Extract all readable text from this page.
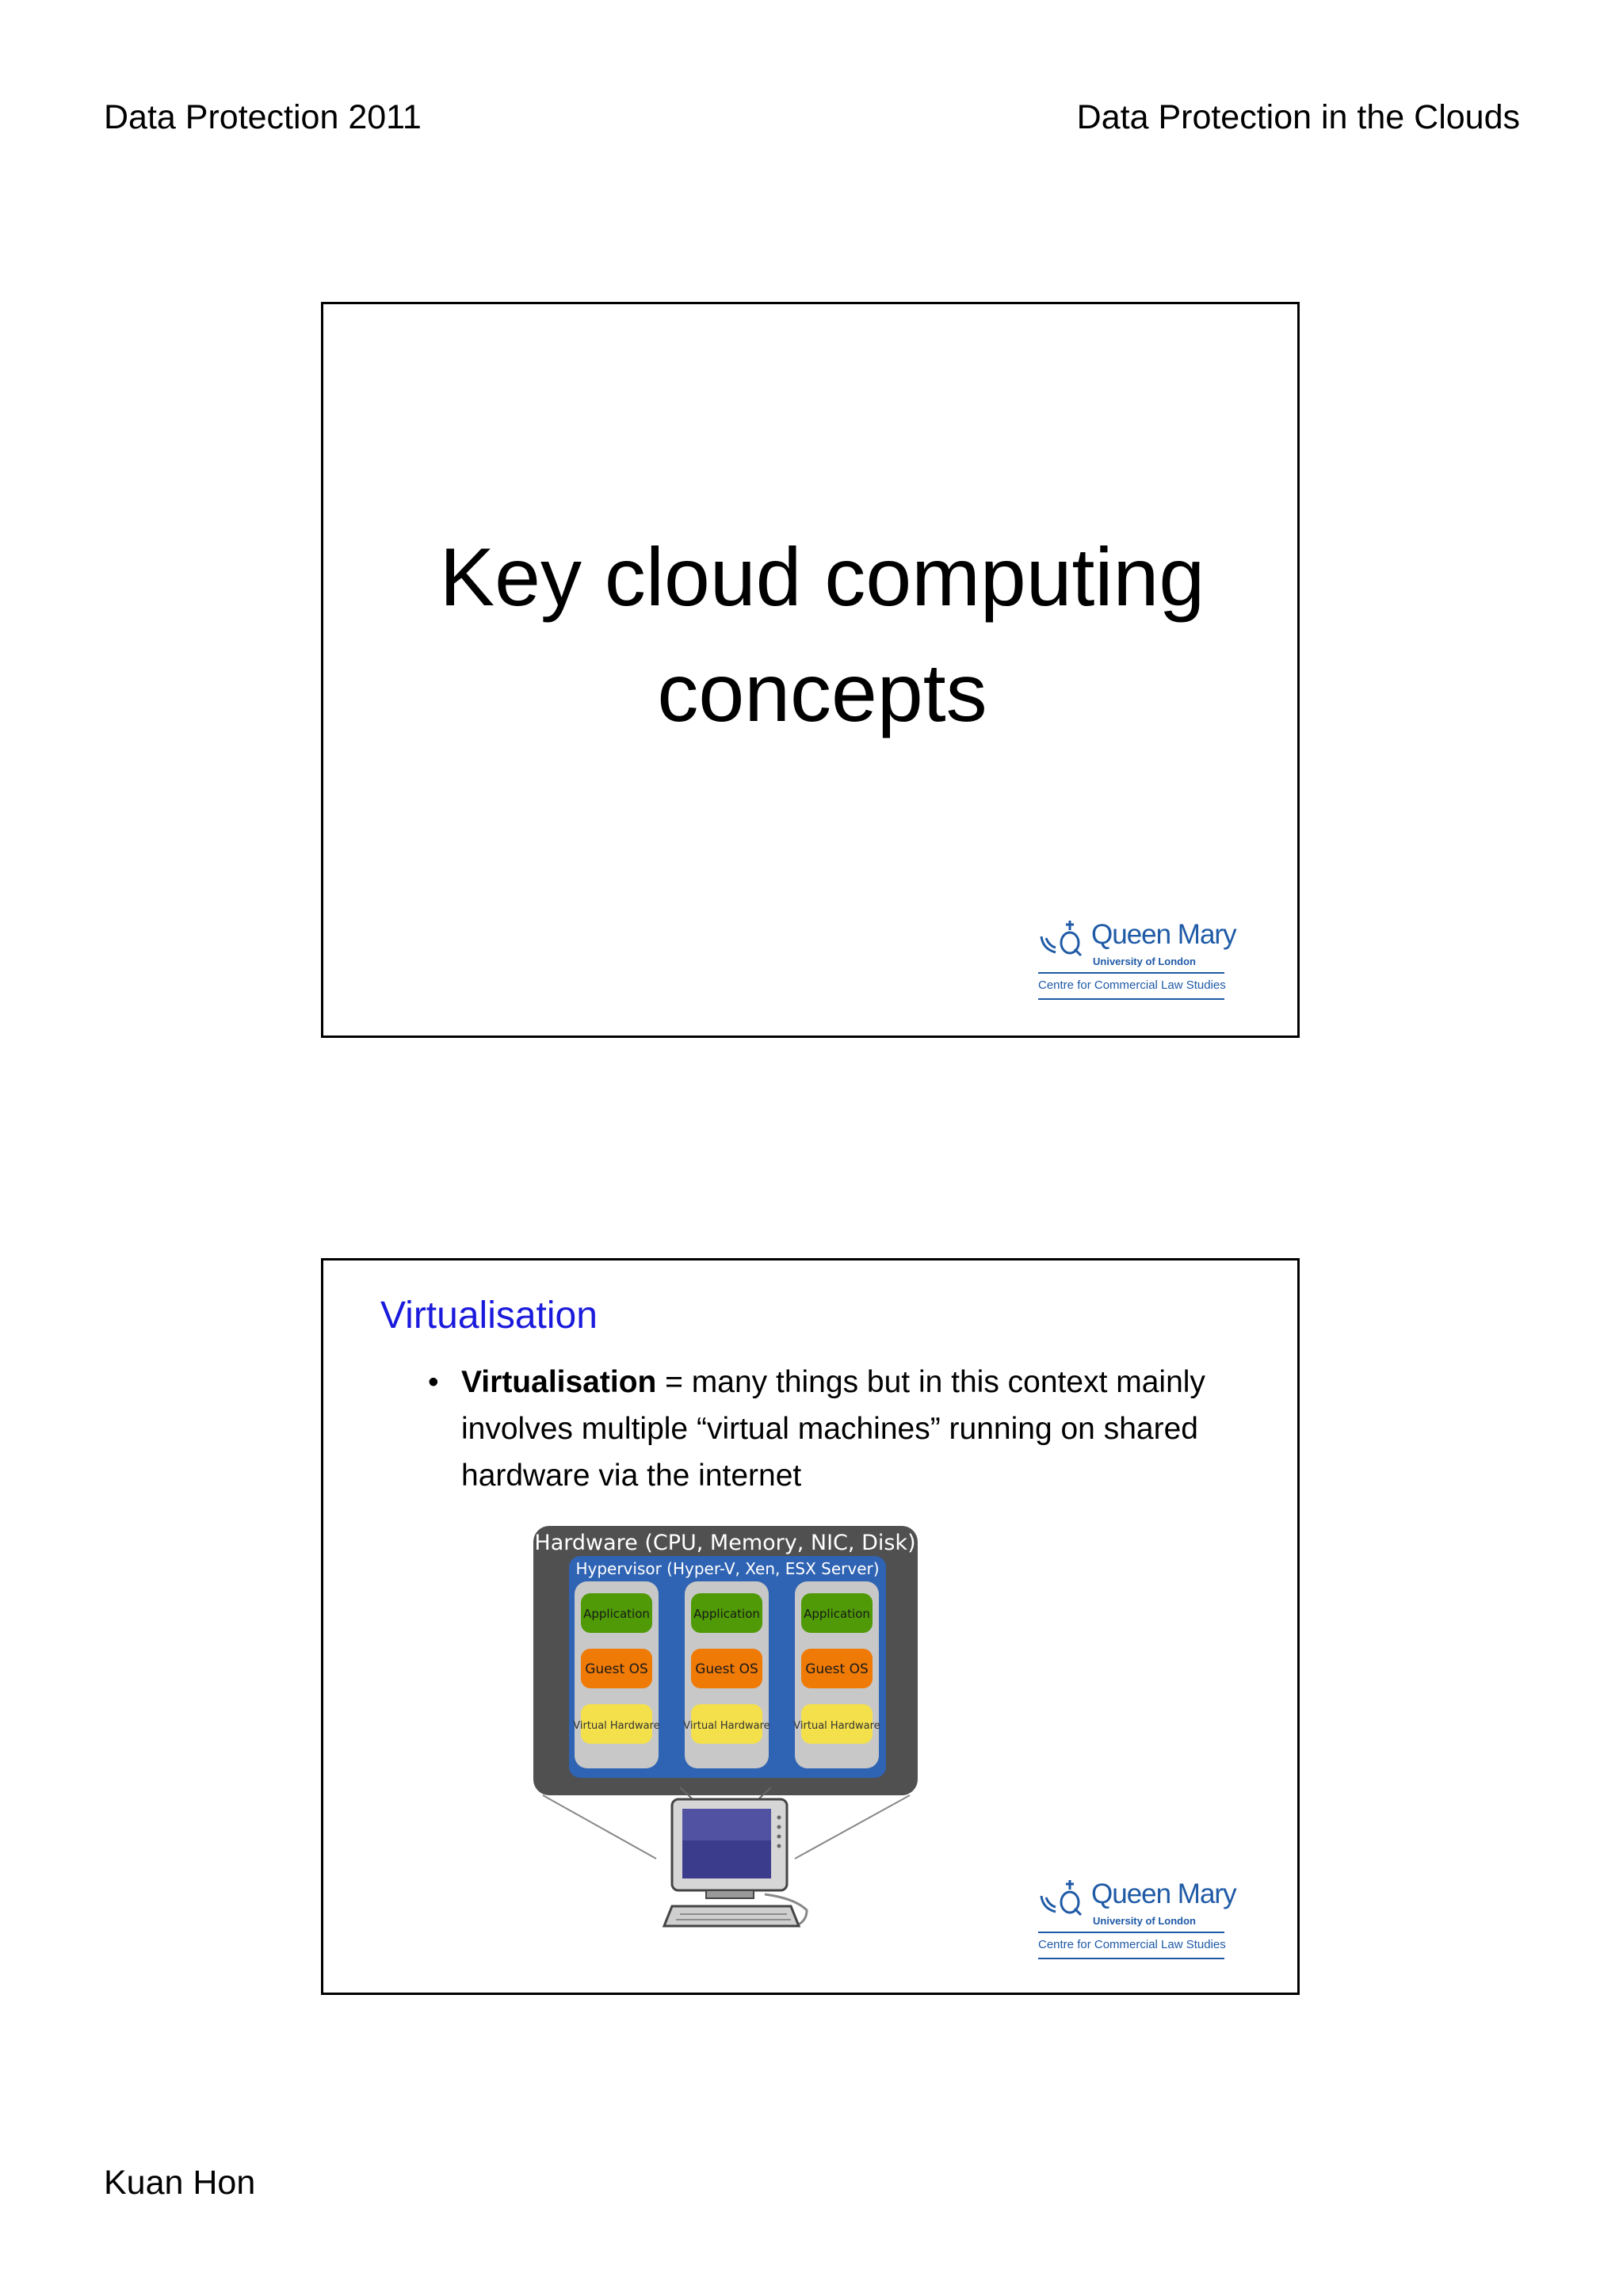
Data Protection 2011	Data Protection in the Clouds
Key cloud computing
concepts
Queen Mary
University of London
Centre for Commercial Law Studies
Virtualisation
• Virtualisation = many things but in this context mainly involves multiple “virtual machines” running on shared hardware via the internet
Hardware (CPU, Memory, NIC, Disk)
Hypervisor (Hyper-V, Xen, ESX Server)
Application
Guest OS
Virtual Hardware
Application
Guest OS
Virtual Hardware
Application
Guest OS
Virtual Hardware
Queen Mary
University of London
Centre for Commercial Law Studies
Kuan Hon
